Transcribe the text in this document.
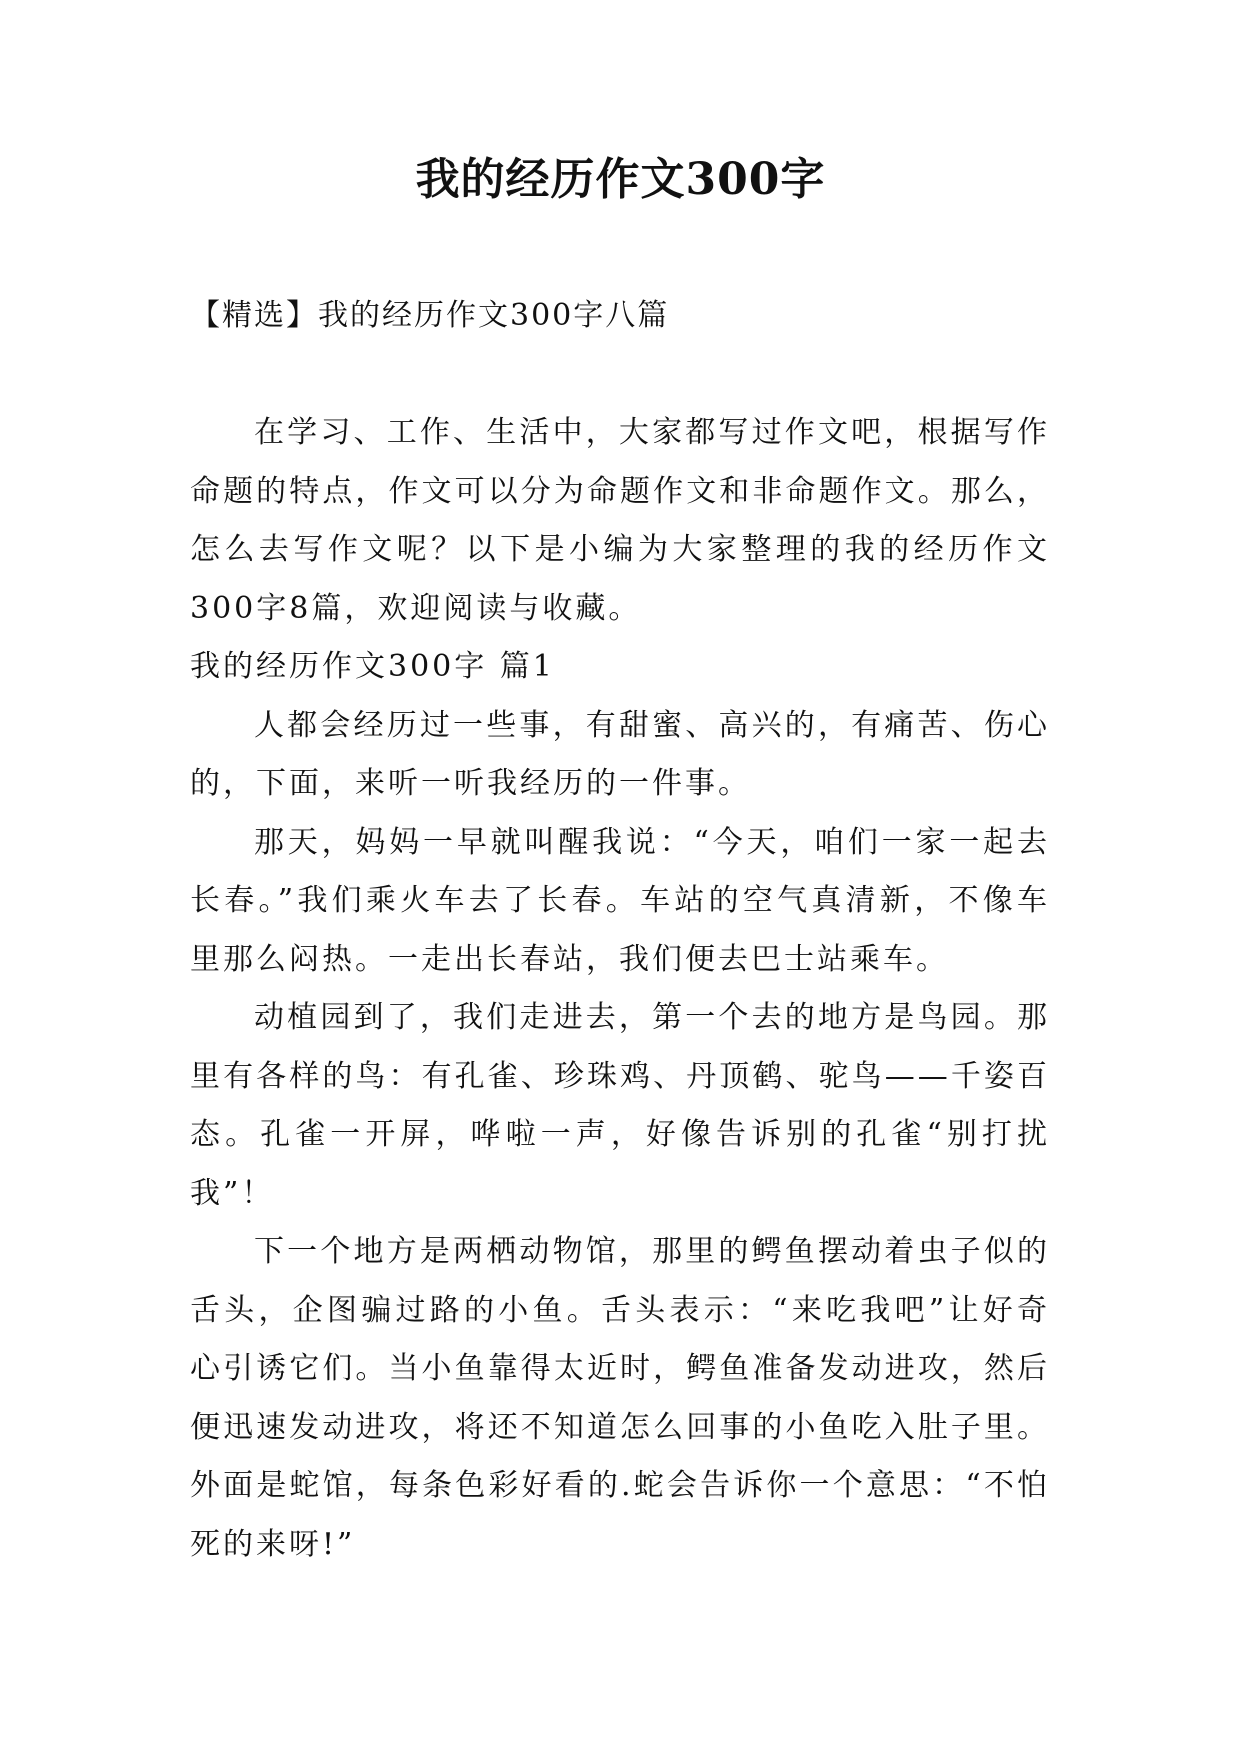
我的经历作文300字
【精选】我的经历作文300字八篇

在学习、工作、生活中，大家都写过作文吧，根据写作命题的特点，作文可以分为命题作文和非命题作文。那么，怎么去写作文呢？以下是小编为大家整理的我的经历作文300字8篇，欢迎阅读与收藏。

我的经历作文300字 篇1

人都会经历过一些事，有甜蜜、高兴的，有痛苦、伤心的，下面，来听一听我经历的一件事。

那天，妈妈一早就叫醒我说：“今天，咱们一家一起去长春。”我们乘火车去了长春。车站的空气真清新，不像车里那么闷热。一走出长春站，我们便去巴士站乘车。

动植园到了，我们走进去，第一个去的地方是鸟园。那里有各样的鸟：有孔雀、珍珠鸡、丹顶鹤、驼鸟——千姿百态。孔雀一开屏，哗啦一声，好像告诉别的孔雀“别打扰我”！

下一个地方是两栖动物馆，那里的鳄鱼摆动着虫子似的舌头，企图骗过路的小鱼。舌头表示：“来吃我吧”让好奇心引诱它们。当小鱼靠得太近时，鳄鱼准备发动进攻，然后便迅速发动进攻，将还不知道怎么回事的小鱼吃入肚子里。外面是蛇馆，每条色彩好看的.蛇会告诉你一个意思：“不怕死的来呀!”
